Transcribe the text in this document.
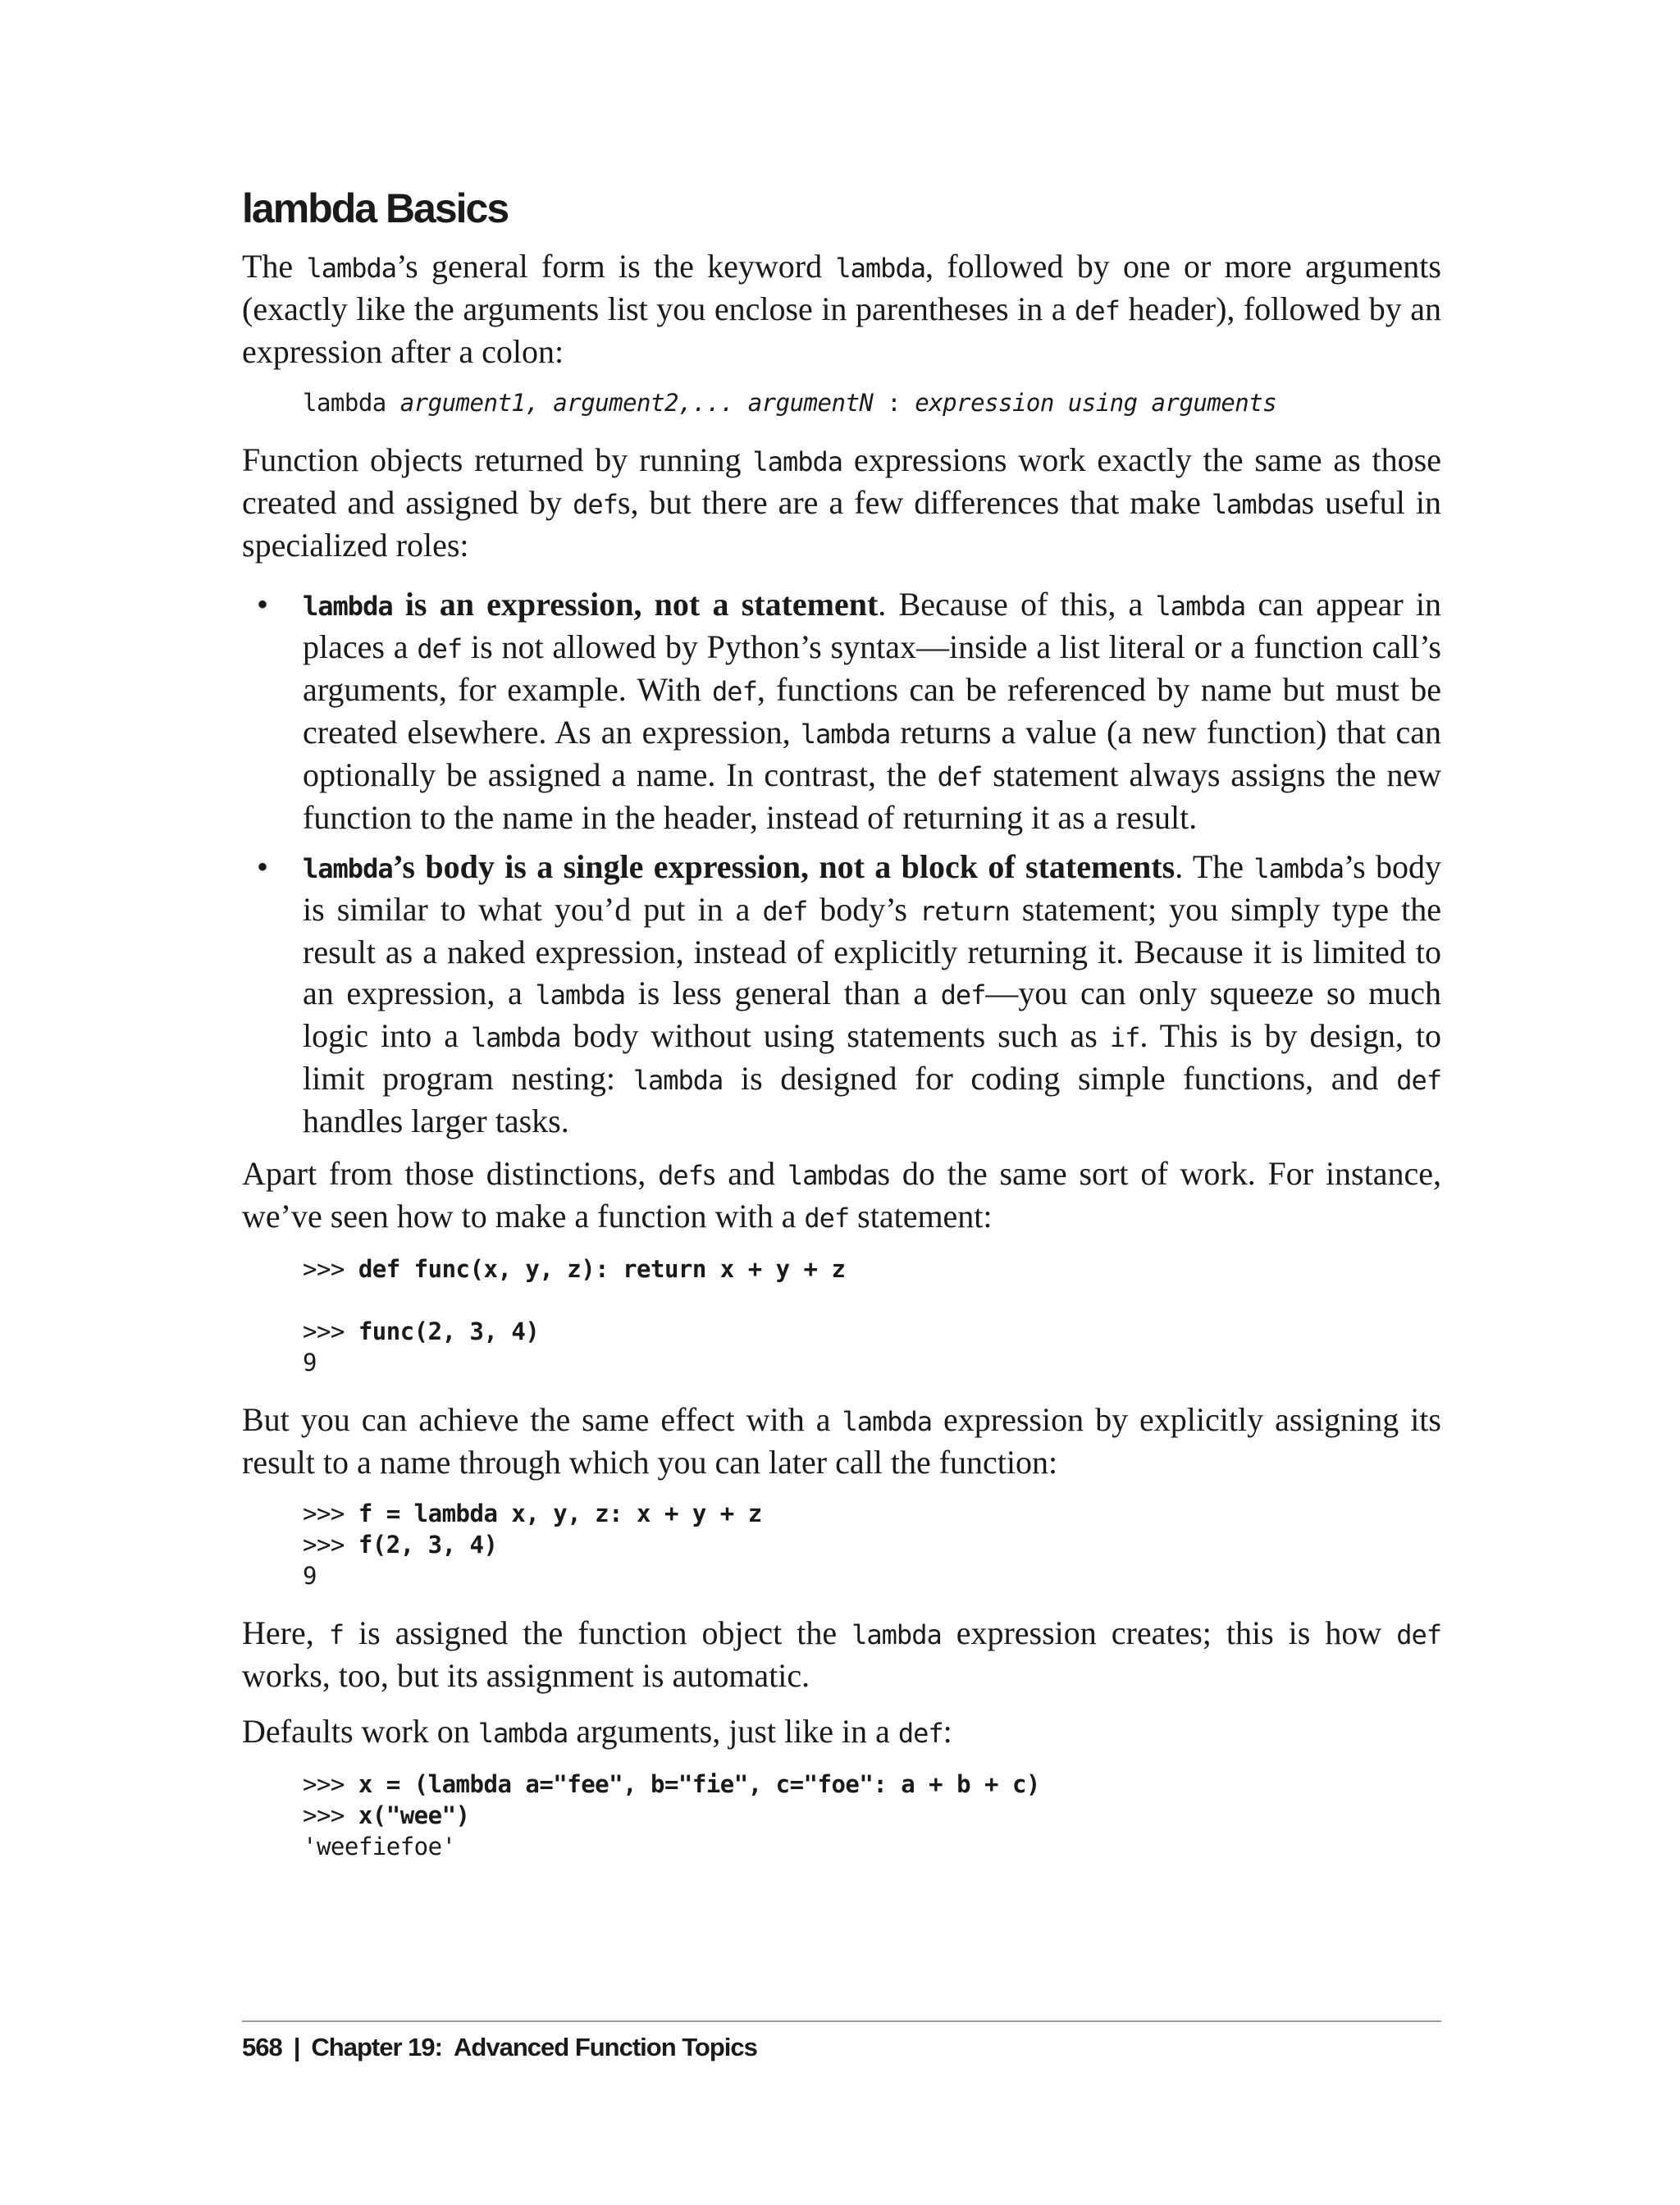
lambda Basics

The lambda’s general form is the keyword lambda, followed by one or more arguments (exactly like the arguments list you enclose in parentheses in a def header), followed by an expression after a colon:

lambda argument1, argument2,... argumentN : expression using arguments

Function objects returned by running lambda expressions work exactly the same as those created and assigned by defs, but there are a few differences that make lambdas useful in specialized roles:

• lambda is an expression, not a statement. Because of this, a lambda can appear in places a def is not allowed by Python’s syntax—inside a list literal or a function call’s arguments, for example. With def, functions can be referenced by name but must be created elsewhere. As an expression, lambda returns a value (a new function) that can optionally be assigned a name. In contrast, the def statement always assigns the new function to the name in the header, instead of returning it as a result.
• lambda’s body is a single expression, not a block of statements. The lambda’s body is similar to what you’d put in a def body’s return statement; you simply type the result as a naked expression, instead of explicitly returning it. Because it is limited to an expression, a lambda is less general than a def—you can only squeeze so much logic into a lambda body without using statements such as if. This is by design, to limit program nesting: lambda is designed for coding simple functions, and def handles larger tasks.

Apart from those distinctions, defs and lambdas do the same sort of work. For instance, we’ve seen how to make a function with a def statement:

>>> def func(x, y, z): return x + y + z
>>> func(2, 3, 4)
9

But you can achieve the same effect with a lambda expression by explicitly assigning its result to a name through which you can later call the function:

>>> f = lambda x, y, z: x + y + z
>>> f(2, 3, 4)
9

Here, f is assigned the function object the lambda expression creates; this is how def works, too, but its assignment is automatic.

Defaults work on lambda arguments, just like in a def:

>>> x = (lambda a="fee", b="fie", c="foe": a + b + c)
>>> x("wee")
'weefiefoe'
568 | Chapter 19:  Advanced Function Topics
